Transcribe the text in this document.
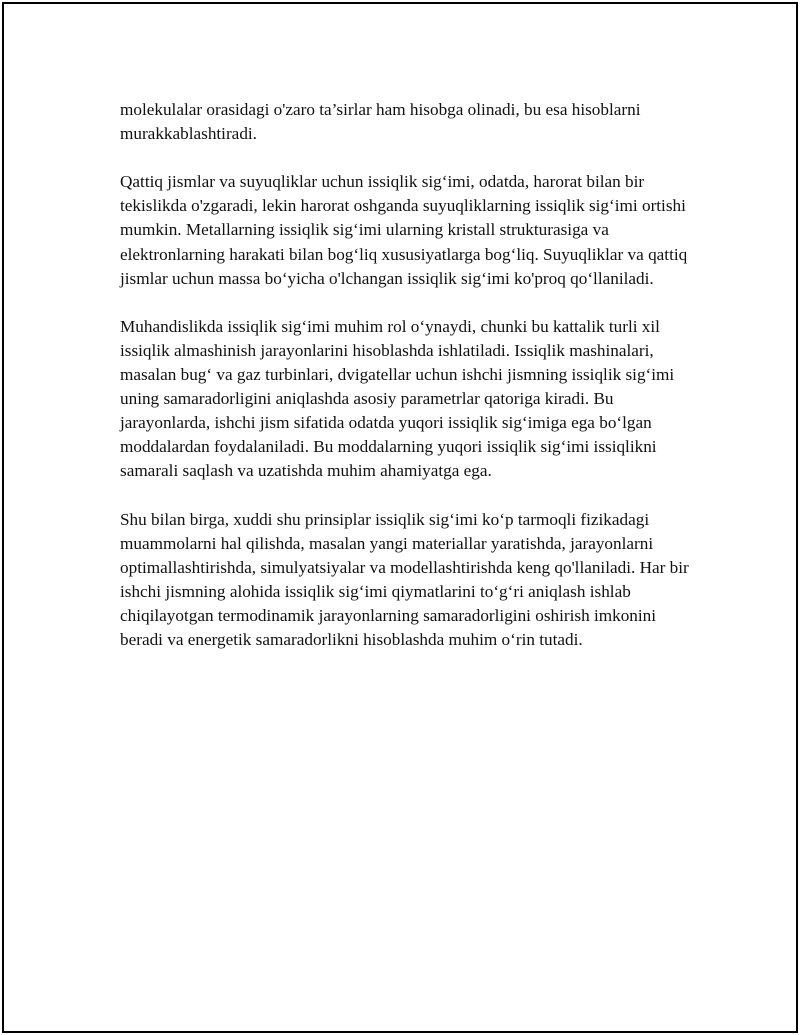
molekulalar orasidagi o'zaro ta’sirlar ham hisobga olinadi, bu esa hisoblarni murakkablashtiradi.

Qattiq jismlar va suyuqliklar uchun issiqlik sig‘imi, odatda, harorat bilan bir tekislikda o'zgaradi, lekin harorat oshganda suyuqliklarning issiqlik sig‘imi ortishi mumkin. Metallarning issiqlik sig‘imi ularning kristall strukturasiga va elektronlarning harakati bilan bog‘liq xususiyatlarga bog‘liq. Suyuqliklar va qattiq jismlar uchun massa bo‘yicha o'lchangan issiqlik sig‘imi ko'proq qo‘llaniladi.

Muhandislikda issiqlik sig‘imi muhim rol o‘ynaydi, chunki bu kattalik turli xil issiqlik almashinish jarayonlarini hisoblashda ishlatiladi. Issiqlik mashinalari, masalan bug‘ va gaz turbinlari, dvigatellar uchun ishchi jismning issiqlik sig‘imi uning samaradorligini aniqlashda asosiy parametrlar qatoriga kiradi. Bu jarayonlarda, ishchi jism sifatida odatda yuqori issiqlik sig‘imiga ega bo‘lgan moddalardan foydalaniladi. Bu moddalarning yuqori issiqlik sig‘imi issiqlikni samarali saqlash va uzatishda muhim ahamiyatga ega.

Shu bilan birga, xuddi shu prinsiplar issiqlik sig‘imi ko‘p tarmoqli fizikadagi muammolarni hal qilishda, masalan yangi materiallar yaratishda, jarayonlarni optimallashtirishda, simulyatsiyalar va modellashtirishda keng qo'llaniladi. Har bir ishchi jismning alohida issiqlik sig‘imi qiymatlarini to‘g‘ri aniqlash ishlab chiqilayotgan termodinamik jarayonlarning samaradorligini oshirish imkonini beradi va energetik samaradorlikni hisoblashda muhim o‘rin tutadi.
